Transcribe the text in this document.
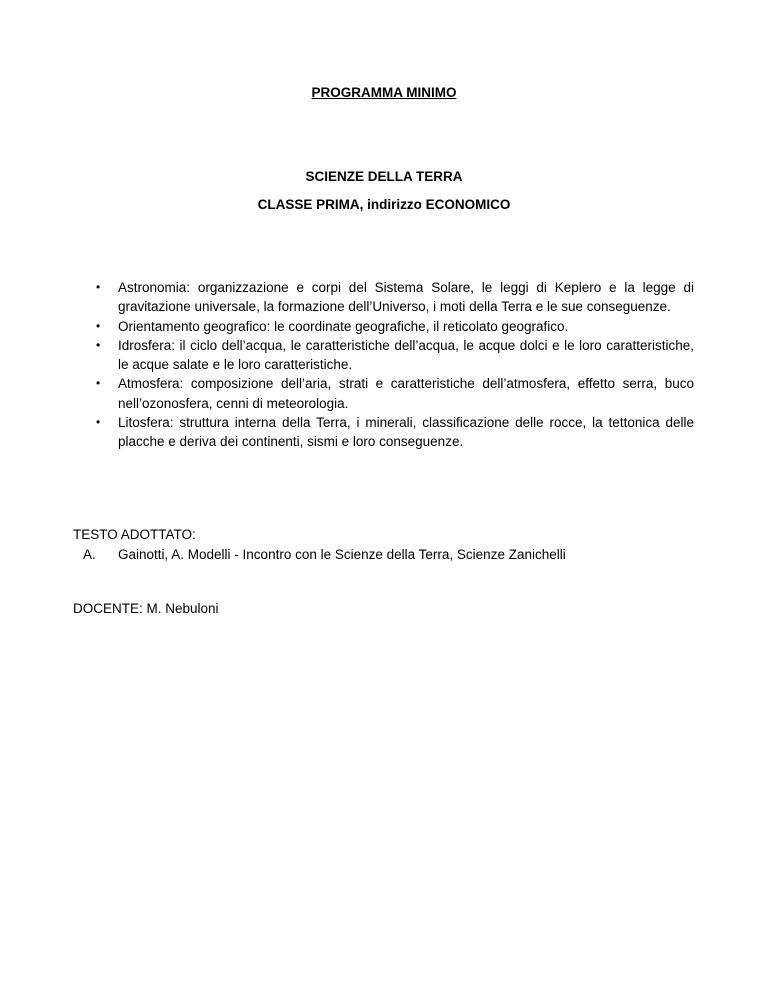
PROGRAMMA MINIMO
SCIENZE DELLA TERRA
CLASSE PRIMA, indirizzo ECONOMICO
• Astronomia: organizzazione e corpi del Sistema Solare, le leggi di Keplero e la legge di gravitazione universale, la formazione dell’Universo, i moti della Terra e le sue conseguenze.
• Orientamento geografico: le coordinate geografiche, il reticolato geografico.
• Idrosfera: il ciclo dell’acqua, le caratteristiche dell’acqua, le acque dolci e le loro caratteristiche, le acque salate e le loro caratteristiche.
• Atmosfera: composizione dell’aria, strati e caratteristiche dell’atmosfera, effetto serra, buco nell’ozonosfera, cenni di meteorologia.
• Litosfera: struttura interna della Terra, i minerali, classificazione delle rocce, la tettonica delle placche e deriva dei continenti, sismi e loro conseguenze.
TESTO ADOTTATO:
A. Gainotti, A. Modelli - Incontro con le Scienze della Terra, Scienze Zanichelli
DOCENTE: M. Nebuloni
